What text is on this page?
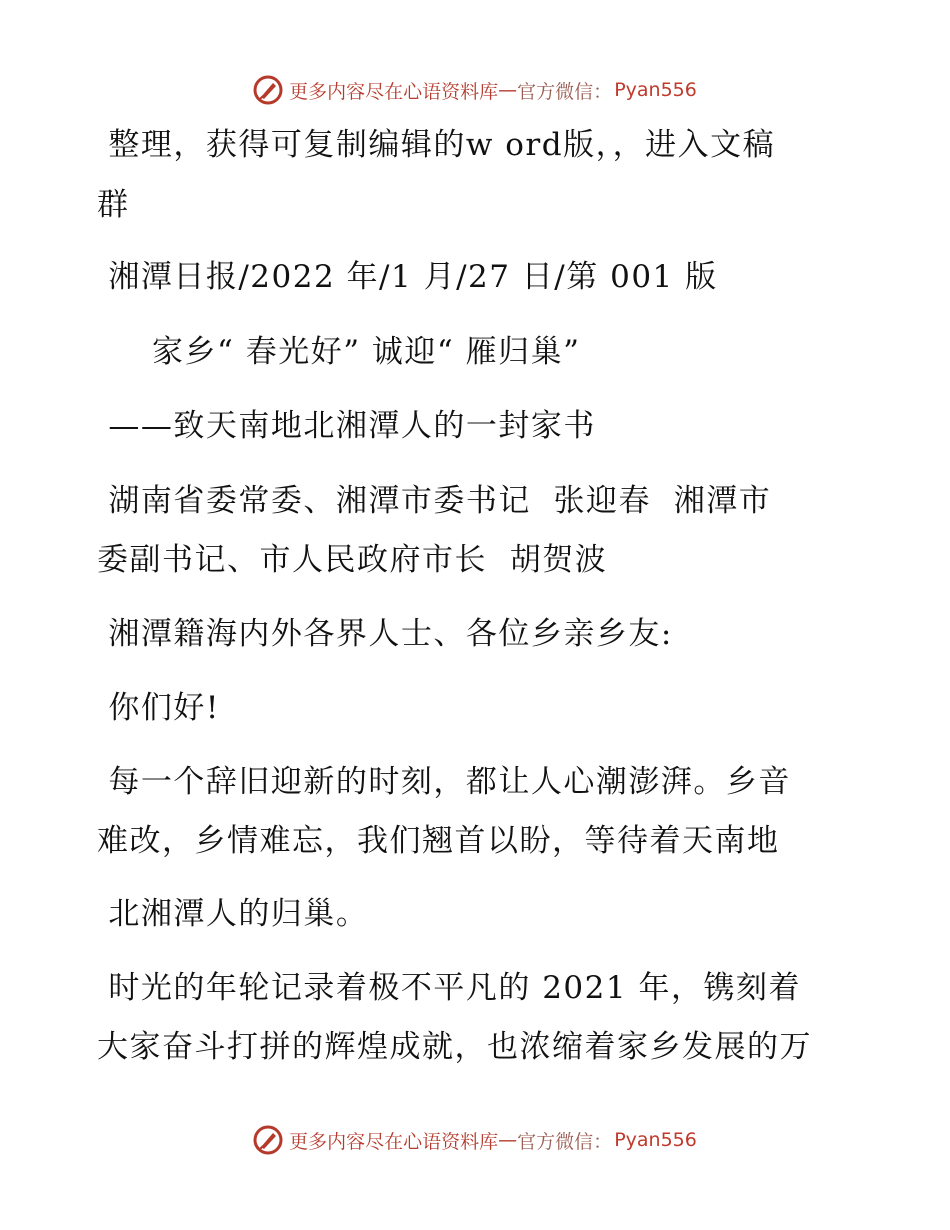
更多内容尽在心语资料库 — 官方微信： Pyan556
整理，获得可复制编辑的w ord版，，进入文稿
群
湘潭日报/2022 年/1 月/27 日/第 001 版
家乡“ 春光好” 诚迎“ 雁归巢”
——致天南地北湘潭人的一封家书
湖南省委常委、湘潭市委书记  张迎春  湘潭市
委副书记、市人民政府市长  胡贺波
湘潭籍海内外各界人士、各位乡亲乡友:
你们好!
每一个辞旧迎新的时刻，都让人心潮澎湃。乡音
难改，乡情难忘，我们翘首以盼，等待着天南地
北湘潭人的归巢。
时光的年轮记录着极不平凡的 2021 年，镌刻着
大家奋斗打拼的辉煌成就，也浓缩着家乡发展的万
更多内容尽在心语资料库 — 官方微信： Pyan556
